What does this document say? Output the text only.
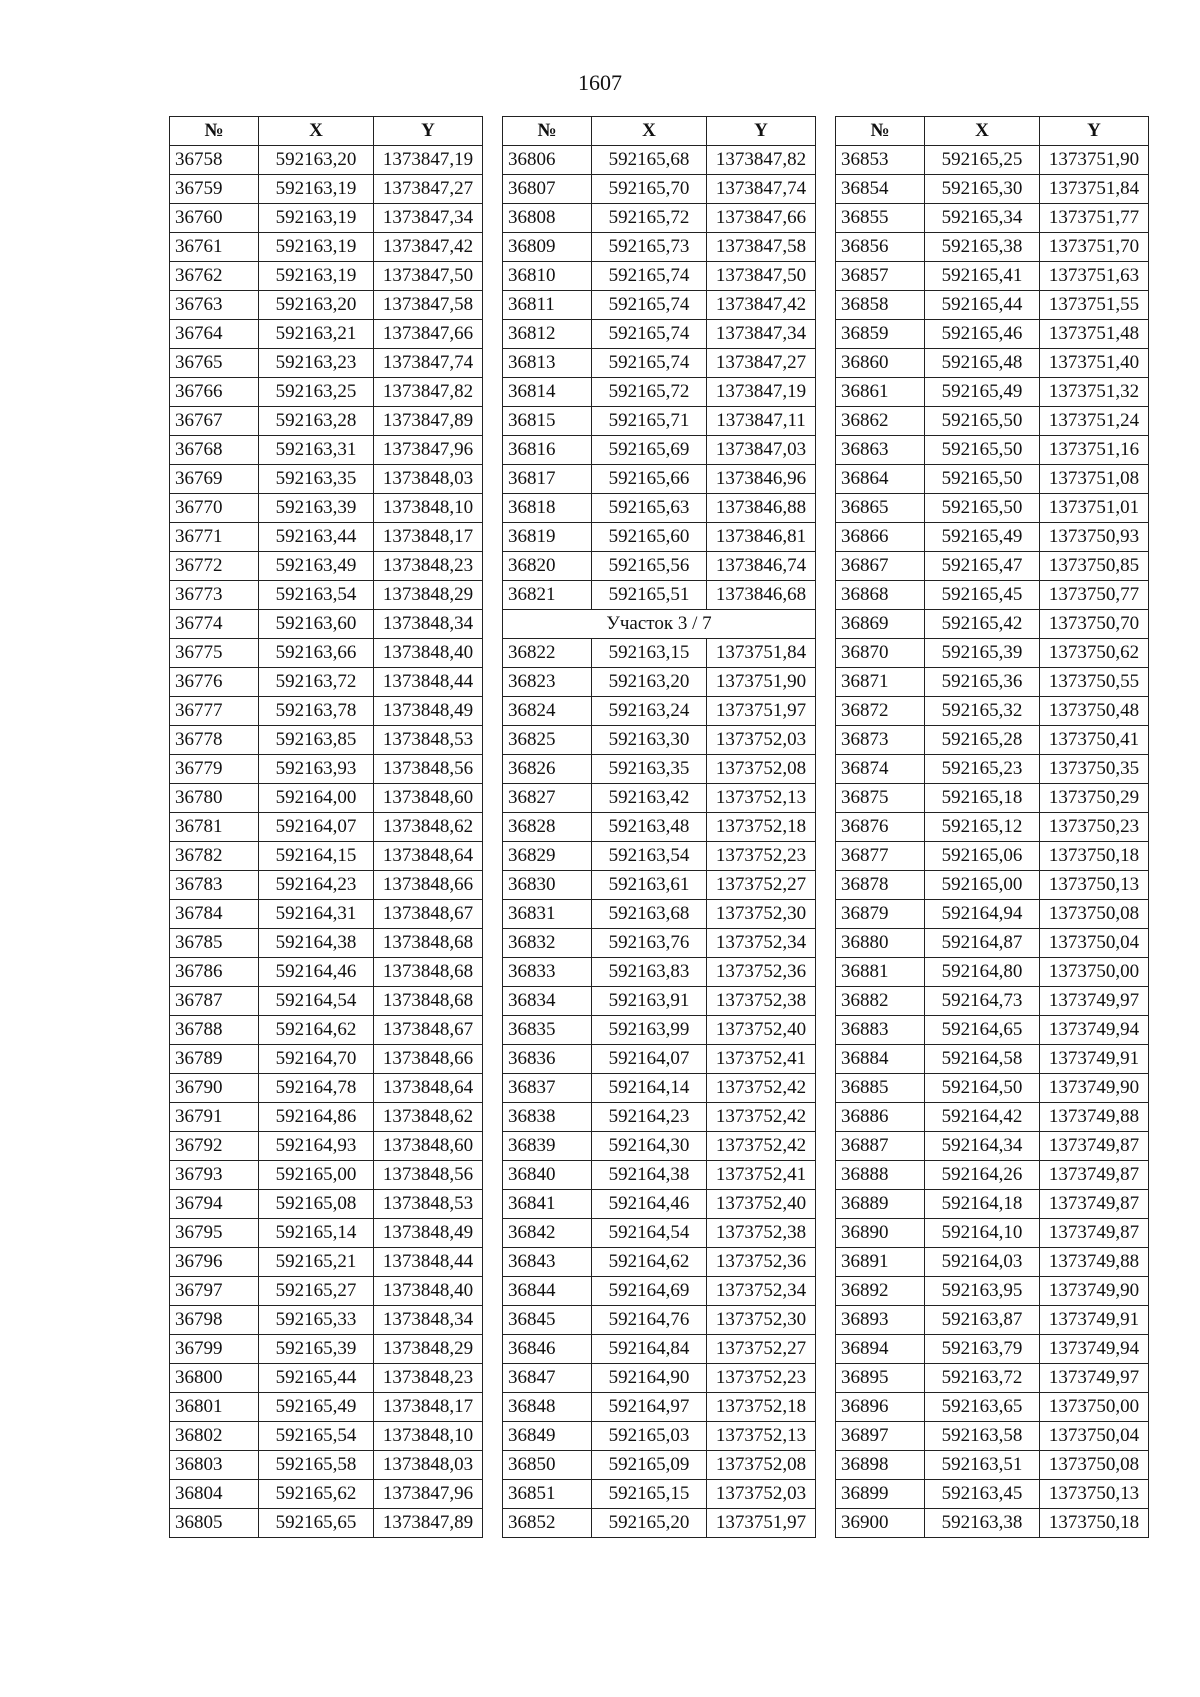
1607
№	X	Y
36758	592163,20	1373847,19
36759	592163,19	1373847,27
36760	592163,19	1373847,34
36761	592163,19	1373847,42
36762	592163,19	1373847,50
36763	592163,20	1373847,58
36764	592163,21	1373847,66
36765	592163,23	1373847,74
36766	592163,25	1373847,82
36767	592163,28	1373847,89
36768	592163,31	1373847,96
36769	592163,35	1373848,03
36770	592163,39	1373848,10
36771	592163,44	1373848,17
36772	592163,49	1373848,23
36773	592163,54	1373848,29
36774	592163,60	1373848,34
36775	592163,66	1373848,40
36776	592163,72	1373848,44
36777	592163,78	1373848,49
36778	592163,85	1373848,53
36779	592163,93	1373848,56
36780	592164,00	1373848,60
36781	592164,07	1373848,62
36782	592164,15	1373848,64
36783	592164,23	1373848,66
36784	592164,31	1373848,67
36785	592164,38	1373848,68
36786	592164,46	1373848,68
36787	592164,54	1373848,68
36788	592164,62	1373848,67
36789	592164,70	1373848,66
36790	592164,78	1373848,64
36791	592164,86	1373848,62
36792	592164,93	1373848,60
36793	592165,00	1373848,56
36794	592165,08	1373848,53
36795	592165,14	1373848,49
36796	592165,21	1373848,44
36797	592165,27	1373848,40
36798	592165,33	1373848,34
36799	592165,39	1373848,29
36800	592165,44	1373848,23
36801	592165,49	1373848,17
36802	592165,54	1373848,10
36803	592165,58	1373848,03
36804	592165,62	1373847,96
36805	592165,65	1373847,89
№	X	Y
36806	592165,68	1373847,82
36807	592165,70	1373847,74
36808	592165,72	1373847,66
36809	592165,73	1373847,58
36810	592165,74	1373847,50
36811	592165,74	1373847,42
36812	592165,74	1373847,34
36813	592165,74	1373847,27
36814	592165,72	1373847,19
36815	592165,71	1373847,11
36816	592165,69	1373847,03
36817	592165,66	1373846,96
36818	592165,63	1373846,88
36819	592165,60	1373846,81
36820	592165,56	1373846,74
36821	592165,51	1373846,68
Участок 3 / 7		
36822	592163,15	1373751,84
36823	592163,20	1373751,90
36824	592163,24	1373751,97
36825	592163,30	1373752,03
36826	592163,35	1373752,08
36827	592163,42	1373752,13
36828	592163,48	1373752,18
36829	592163,54	1373752,23
36830	592163,61	1373752,27
36831	592163,68	1373752,30
36832	592163,76	1373752,34
36833	592163,83	1373752,36
36834	592163,91	1373752,38
36835	592163,99	1373752,40
36836	592164,07	1373752,41
36837	592164,14	1373752,42
36838	592164,23	1373752,42
36839	592164,30	1373752,42
36840	592164,38	1373752,41
36841	592164,46	1373752,40
36842	592164,54	1373752,38
36843	592164,62	1373752,36
36844	592164,69	1373752,34
36845	592164,76	1373752,30
36846	592164,84	1373752,27
36847	592164,90	1373752,23
36848	592164,97	1373752,18
36849	592165,03	1373752,13
36850	592165,09	1373752,08
36851	592165,15	1373752,03
36852	592165,20	1373751,97
№	X	Y
36853	592165,25	1373751,90
36854	592165,30	1373751,84
36855	592165,34	1373751,77
36856	592165,38	1373751,70
36857	592165,41	1373751,63
36858	592165,44	1373751,55
36859	592165,46	1373751,48
36860	592165,48	1373751,40
36861	592165,49	1373751,32
36862	592165,50	1373751,24
36863	592165,50	1373751,16
36864	592165,50	1373751,08
36865	592165,50	1373751,01
36866	592165,49	1373750,93
36867	592165,47	1373750,85
36868	592165,45	1373750,77
36869	592165,42	1373750,70
36870	592165,39	1373750,62
36871	592165,36	1373750,55
36872	592165,32	1373750,48
36873	592165,28	1373750,41
36874	592165,23	1373750,35
36875	592165,18	1373750,29
36876	592165,12	1373750,23
36877	592165,06	1373750,18
36878	592165,00	1373750,13
36879	592164,94	1373750,08
36880	592164,87	1373750,04
36881	592164,80	1373750,00
36882	592164,73	1373749,97
36883	592164,65	1373749,94
36884	592164,58	1373749,91
36885	592164,50	1373749,90
36886	592164,42	1373749,88
36887	592164,34	1373749,87
36888	592164,26	1373749,87
36889	592164,18	1373749,87
36890	592164,10	1373749,87
36891	592164,03	1373749,88
36892	592163,95	1373749,90
36893	592163,87	1373749,91
36894	592163,79	1373749,94
36895	592163,72	1373749,97
36896	592163,65	1373750,00
36897	592163,58	1373750,04
36898	592163,51	1373750,08
36899	592163,45	1373750,13
36900	592163,38	1373750,18
